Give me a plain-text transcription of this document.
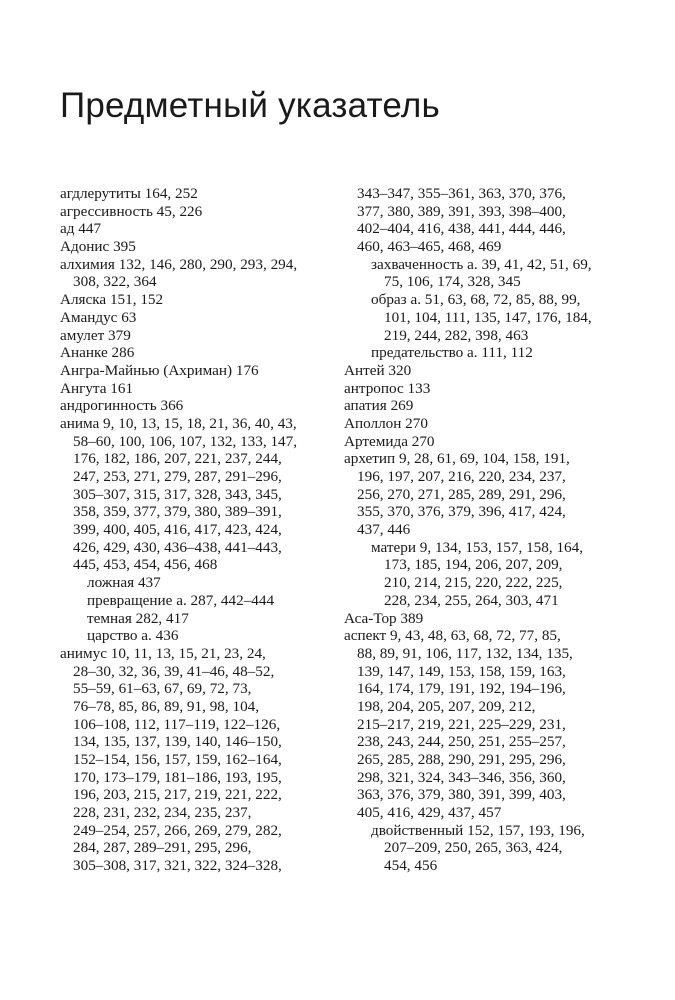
Предметный указатель
агдлерутиты 164, 252
агрессивность 45, 226
ад 447
Адонис 395
алхимия 132, 146, 280, 290, 293, 294,
308, 322, 364
Аляска 151, 152
Амандус 63
амулет 379
Ананке 286
Ангра-Майнью (Ахриман) 176
Ангута 161
андрогинность 366
анима 9, 10, 13, 15, 18, 21, 36, 40, 43,
58–60, 100, 106, 107, 132, 133, 147,
176, 182, 186, 207, 221, 237, 244,
247, 253, 271, 279, 287, 291–296,
305–307, 315, 317, 328, 343, 345,
358, 359, 377, 379, 380, 389–391,
399, 400, 405, 416, 417, 423, 424,
426, 429, 430, 436–438, 441–443,
445, 453, 454, 456, 468
ложная 437
превращение а. 287, 442–444
темная 282, 417
царство а. 436
анимус 10, 11, 13, 15, 21, 23, 24,
28–30, 32, 36, 39, 41–46, 48–52,
55–59, 61–63, 67, 69, 72, 73,
76–78, 85, 86, 89, 91, 98, 104,
106–108, 112, 117–119, 122–126,
134, 135, 137, 139, 140, 146–150,
152–154, 156, 157, 159, 162–164,
170, 173–179, 181–186, 193, 195,
196, 203, 215, 217, 219, 221, 222,
228, 231, 232, 234, 235, 237,
249–254, 257, 266, 269, 279, 282,
284, 287, 289–291, 295, 296,
305–308, 317, 321, 322, 324–328,
343–347, 355–361, 363, 370, 376,
377, 380, 389, 391, 393, 398–400,
402–404, 416, 438, 441, 444, 446,
460, 463–465, 468, 469
захваченность а. 39, 41, 42, 51, 69,
75, 106, 174, 328, 345
образ а. 51, 63, 68, 72, 85, 88, 99,
101, 104, 111, 135, 147, 176, 184,
219, 244, 282, 398, 463
предательство а. 111, 112
Антей 320
антропос 133
апатия 269
Аполлон 270
Артемида 270
архетип 9, 28, 61, 69, 104, 158, 191,
196, 197, 207, 216, 220, 234, 237,
256, 270, 271, 285, 289, 291, 296,
355, 370, 376, 379, 396, 417, 424,
437, 446
матери 9, 134, 153, 157, 158, 164,
173, 185, 194, 206, 207, 209,
210, 214, 215, 220, 222, 225,
228, 234, 255, 264, 303, 471
Аса-Тор 389
аспект 9, 43, 48, 63, 68, 72, 77, 85,
88, 89, 91, 106, 117, 132, 134, 135,
139, 147, 149, 153, 158, 159, 163,
164, 174, 179, 191, 192, 194–196,
198, 204, 205, 207, 209, 212,
215–217, 219, 221, 225–229, 231,
238, 243, 244, 250, 251, 255–257,
265, 285, 288, 290, 291, 295, 296,
298, 321, 324, 343–346, 356, 360,
363, 376, 379, 380, 391, 399, 403,
405, 416, 429, 437, 457
двойственный 152, 157, 193, 196,
207–209, 250, 265, 363, 424,
454, 456
